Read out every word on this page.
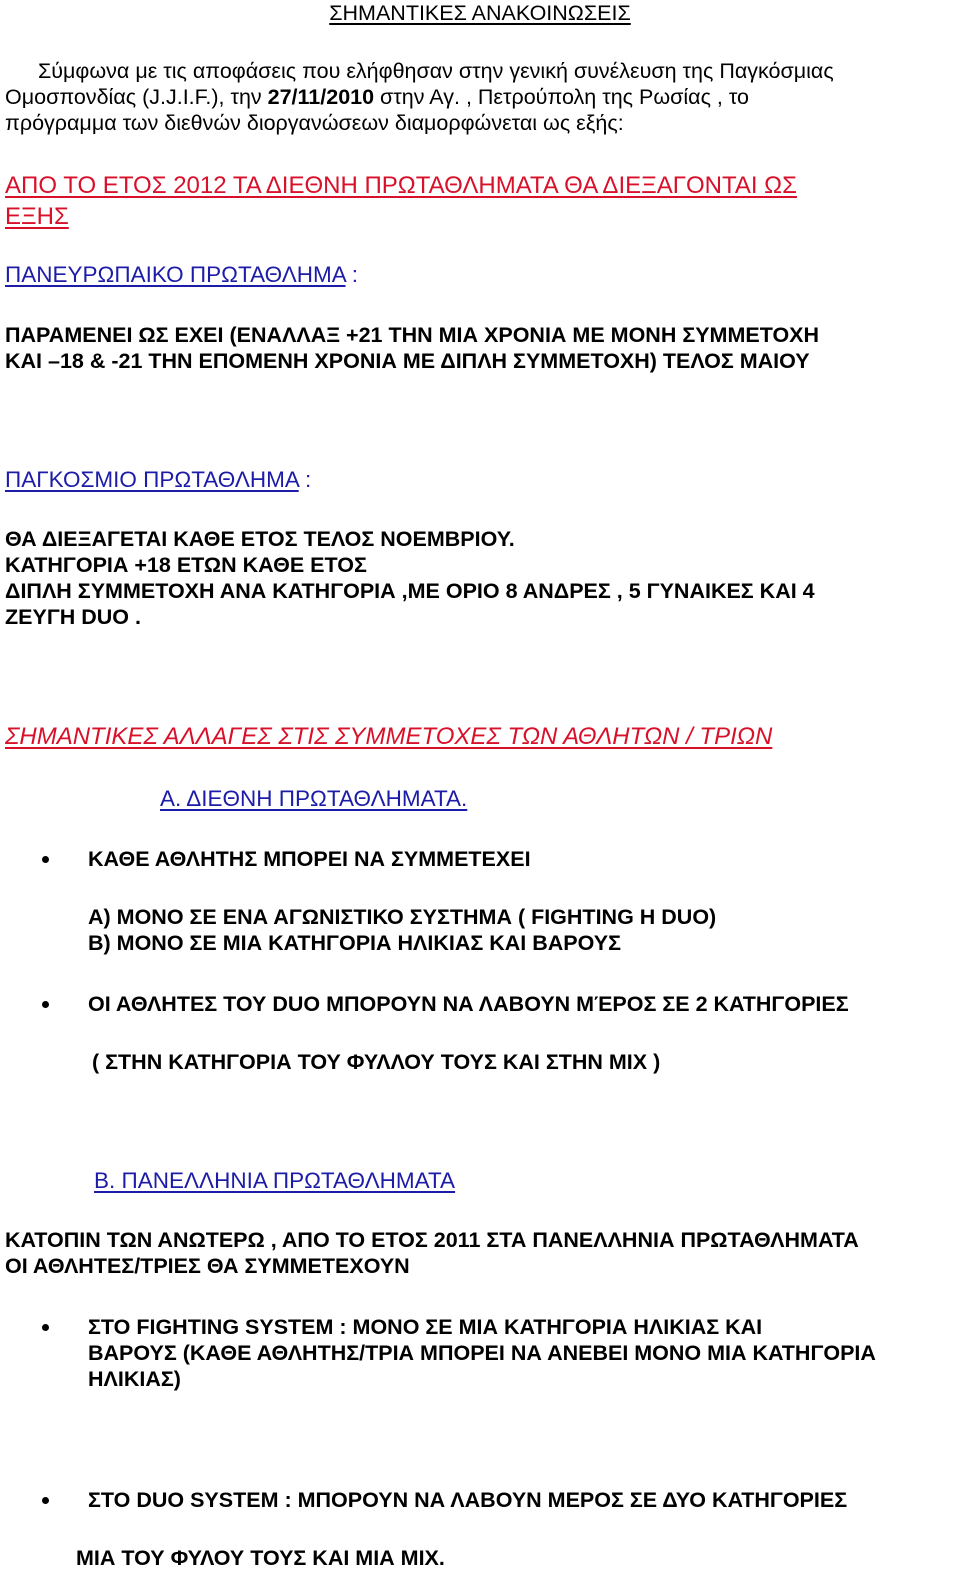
ΣΗΜΑΝΤΙΚΕΣ ΑΝΑΚΟΙΝΩΣΕΙΣ
Σύμφωνα με τις αποφάσεις που ελήφθησαν στην γενική συνέλευση της Παγκόσμιας
Ομοσπονδίας (J.J.I.F.), την 27/11/2010 στην Αγ. , Πετρούπολη της Ρωσίας , το
πρόγραμμα των διεθνών διοργανώσεων διαμορφώνεται ως εξής:
ΑΠΟ ΤΟ ΕΤΟΣ 2012 ΤΑ ΔΙΕΘΝΗ ΠΡΩΤΑΘΛΗΜΑΤΑ ΘΑ ΔΙΕΞΑΓΟΝΤΑΙ ΩΣ
ΕΞΗΣ
ΠΑΝΕΥΡΩΠΑΙΚΟ ΠΡΩΤΑΘΛΗΜΑ :
ΠΑΡΑΜΕΝΕΙ ΩΣ ΕΧΕΙ (ΕΝΑΛΛΑΞ +21 ΤΗΝ ΜΙΑ ΧΡΟΝΙΑ ΜΕ ΜΟΝΗ ΣΥΜΜΕΤΟΧΗ
ΚΑΙ –18 & -21 ΤΗΝ ΕΠΟΜΕΝΗ ΧΡΟΝΙΑ ΜΕ ΔΙΠΛΗ ΣΥΜΜΕΤΟΧΗ) ΤΕΛΟΣ ΜΑΙΟΥ
ΠΑΓΚΟΣΜΙΟ ΠΡΩΤΑΘΛΗΜΑ :
ΘΑ ΔΙΕΞΑΓΕΤΑΙ ΚΑΘΕ ΕΤΟΣ ΤΕΛΟΣ ΝΟΕΜΒΡΙΟΥ.
ΚΑΤΗΓΟΡΙΑ +18 ΕΤΩΝ ΚΑΘΕ ΕΤΟΣ
ΔΙΠΛΗ ΣΥΜΜΕΤΟΧΗ ΑΝΑ ΚΑΤΗΓΟΡΙΑ ,ΜΕ ΟΡΙΟ 8 ΑΝΔΡΕΣ , 5 ΓΥΝΑΙΚΕΣ ΚΑΙ 4
ΖΕΥΓΗ DUO .
ΣΗΜΑΝΤΙΚΕΣ ΑΛΛΑΓΕΣ ΣΤΙΣ ΣΥΜΜΕΤΟΧΕΣ ΤΩΝ ΑΘΛΗΤΩΝ / ΤΡΙΩΝ
Α. ΔΙΕΘΝΗ ΠΡΩΤΑΘΛΗΜΑΤΑ.
ΚΑΘΕ ΑΘΛΗΤΗΣ ΜΠΟΡΕΙ ΝΑ ΣΥΜΜΕΤΕΧΕΙ
Α) ΜΟΝΟ ΣΕ ΕΝΑ ΑΓΩΝΙΣΤΙΚΟ ΣΥΣΤΗΜΑ ( FIGHTING Η DUO)
Β) ΜΟΝΟ ΣΕ ΜΙΑ ΚΑΤΗΓΟΡΙΑ ΗΛΙΚΙΑΣ ΚΑΙ ΒΑΡΟΥΣ
ΟΙ ΑΘΛΗΤΕΣ ΤΟΥ DUO ΜΠΟΡΟΥΝ ΝΑ ΛΑΒΟΥΝ ΜΈΡΟΣ ΣΕ 2 ΚΑΤΗΓΟΡΙΕΣ
( ΣΤΗΝ ΚΑΤΗΓΟΡΙΑ ΤΟΥ ΦΥΛΛΟΥ ΤΟΥΣ ΚΑΙ ΣΤΗΝ ΜΙΧ )
Β. ΠΑΝΕΛΛΗΝΙΑ ΠΡΩΤΑΘΛΗΜΑΤΑ
ΚΑΤΟΠΙΝ ΤΩΝ ΑΝΩΤΕΡΩ , ΑΠΟ ΤΟ ΕΤΟΣ 2011 ΣΤΑ ΠΑΝΕΛΛΗΝΙΑ ΠΡΩΤΑΘΛΗΜΑΤΑ
ΟΙ ΑΘΛΗΤΕΣ/ΤΡΙΕΣ ΘΑ ΣΥΜΜΕΤΕΧΟΥΝ
ΣΤΟ FIGHTING SYSTEM : ΜΟΝΟ ΣΕ ΜΙΑ ΚΑΤΗΓΟΡΙΑ ΗΛΙΚΙΑΣ ΚΑΙ
ΒΑΡΟΥΣ (ΚΑΘΕ ΑΘΛΗΤΗΣ/ΤΡΙΑ ΜΠΟΡΕΙ ΝΑ ΑΝΕΒΕΙ ΜΟΝΟ ΜΙΑ ΚΑΤΗΓΟΡΙΑ
ΗΛΙΚΙΑΣ)
ΣΤΟ DUO SYSTEM : ΜΠΟΡΟΥΝ ΝΑ ΛΑΒΟΥΝ ΜΕΡΟΣ ΣΕ ΔΥΟ ΚΑΤΗΓΟΡΙΕΣ
ΜΙΑ ΤΟΥ ΦΥΛΟΥ ΤΟΥΣ ΚΑΙ ΜΙΑ ΜΙΧ.
